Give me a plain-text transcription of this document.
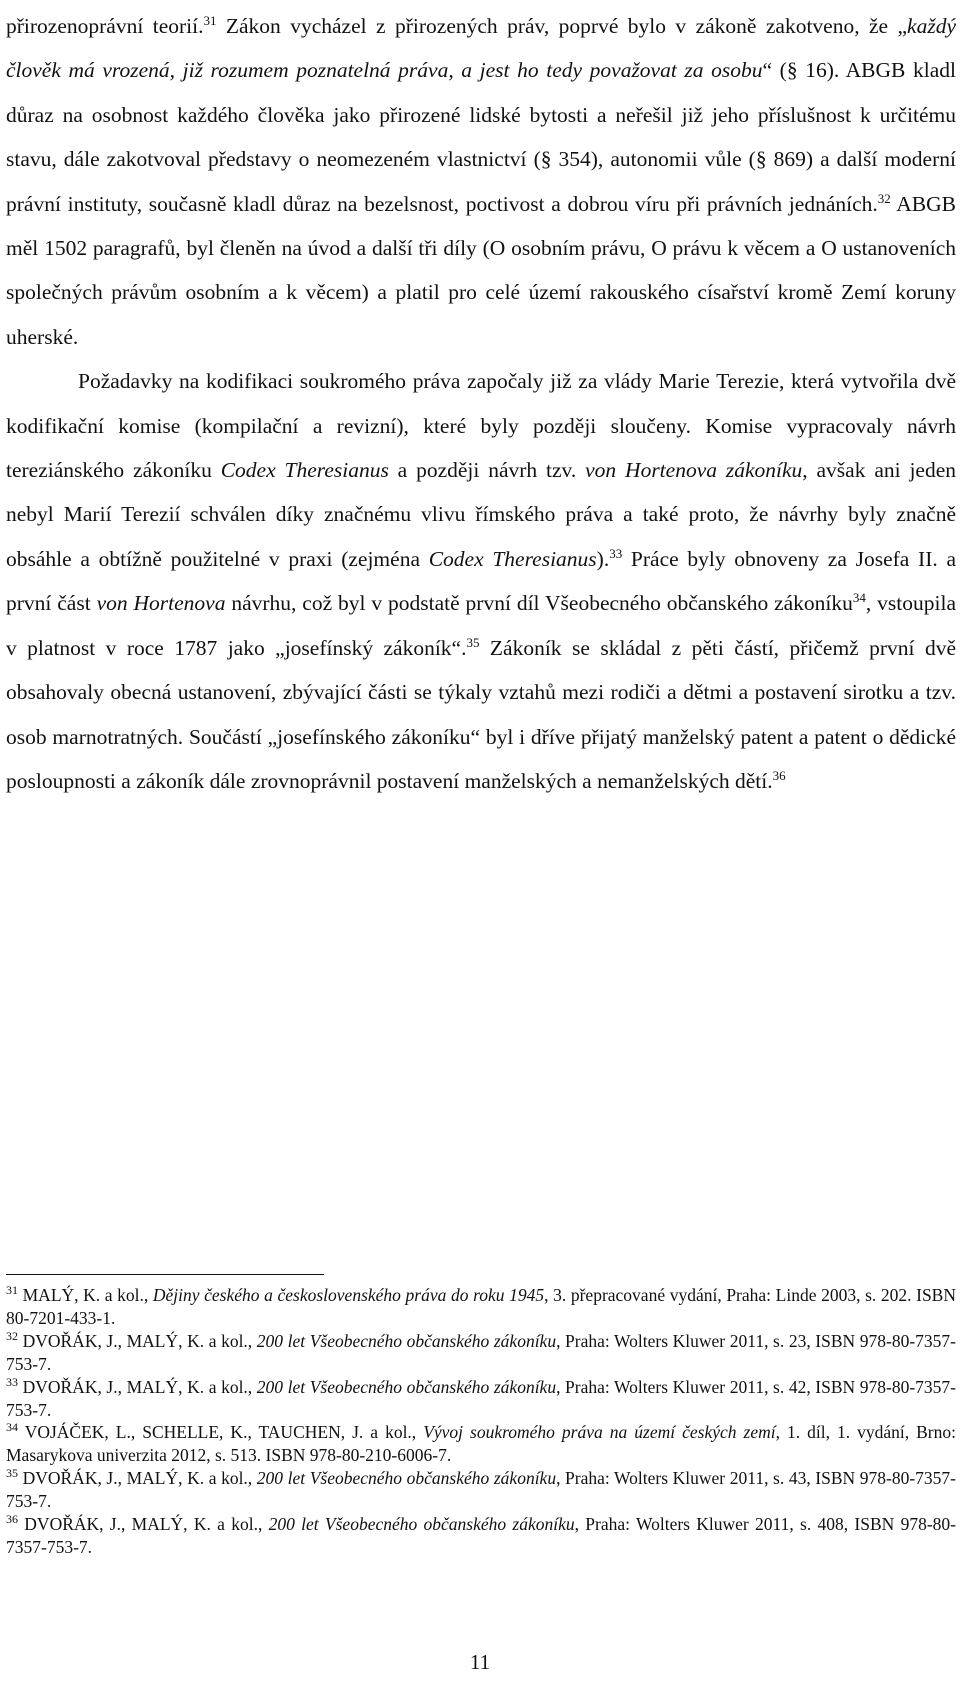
přirozenoprávní teorií.$^{31}$ Zákon vycházel z přirozených práv, poprvé bylo v zákoně zakotveno, že „každý člověk má vrozená, již rozumem poznatelná práva, a jest ho tedy považovat za osobu“ (§ 16). ABGB kladl důraz na osobnost každého člověka jako přirozené lidské bytosti a neřešil již jeho příslušnost k určitému stavu, dále zakotvoval představy o neomezeném vlastnictví (§ 354), autonomii vůle (§ 869) a další moderní právní instituty, současně kladl důraz na bezelsnost, poctivost a dobrou víru při právních jednáních.$^{32}$ ABGB měl 1502 paragrafů, byl členěn na úvod a další tři díly (O osobním právu, O právu k věcem a O ustanoveních společných právům osobním a k věcem) a platil pro celé území rakouského císařství kromě Zemí koruny uherské.

Požadavky na kodifikaci soukromého práva započaly již za vlády Marie Terezie, která vytvořila dvě kodifikační komise (kompilační a revizní), které byly později sloučeny. Komise vypracovaly návrh tereziánského zákoníku Codex Theresianus a později návrh tzv. von Hortenova zákoníku, avšak ani jeden nebyl Marií Terezií schválen díky značnému vlivu římského práva a také proto, že návrhy byly značně obsáhle a obtížně použitelné v praxi (zejména Codex Theresianus).$^{33}$ Práce byly obnoveny za Josefa II. a první část von Hortenova návrhu, což byl v podstatě první díl Všeobecného občanského zákoníku$^{34}$, vstoupila v platnost v roce 1787 jako „josefínský zákoník“.$^{35}$ Zákoník se skládal z pěti částí, přičemž první dvě obsahovaly obecná ustanovení, zbývající části se týkaly vztahů mezi rodiči a dětmi a postavení sirotku a tzv. osob marnotratných. Součástí „josefínského zákoníku“ byl i dříve přijatý manželský patent a patent o dědické posloupnosti a zákoník dále zrovnoprávnil postavení manželských a nemanželských dětí.$^{36}$

$^{31}$ MALÝ, K. a kol., Dějiny českého a československého práva do roku 1945, 3. přepracované vydání, Praha: Linde 2003, s. 202. ISBN 80-7201-433-1.

$^{32}$ DVOŘÁK, J., MALÝ, K. a kol., 200 let Všeobecného občanského zákoníku, Praha: Wolters Kluwer 2011, s. 23, ISBN 978-80-7357-753-7.

$^{33}$ DVOŘÁK, J., MALÝ, K. a kol., 200 let Všeobecného občanského zákoníku, Praha: Wolters Kluwer 2011, s. 42, ISBN 978-80-7357-753-7.

$^{34}$ VOJÁČEK, L., SCHELLE, K., TAUCHEN, J. a kol., Vývoj soukromého práva na území českých zemí, 1. díl, 1. vydání, Brno: Masarykova univerzita 2012, s. 513. ISBN 978-80-210-6006-7.

$^{35}$ DVOŘÁK, J., MALÝ, K. a kol., 200 let Všeobecného občanského zákoníku, Praha: Wolters Kluwer 2011, s. 43, ISBN 978-80-7357-753-7.

$^{36}$ DVOŘÁK, J., MALÝ, K. a kol., 200 let Všeobecného občanského zákoníku, Praha: Wolters Kluwer 2011, s. 408, ISBN 978-80-7357-753-7.

11
